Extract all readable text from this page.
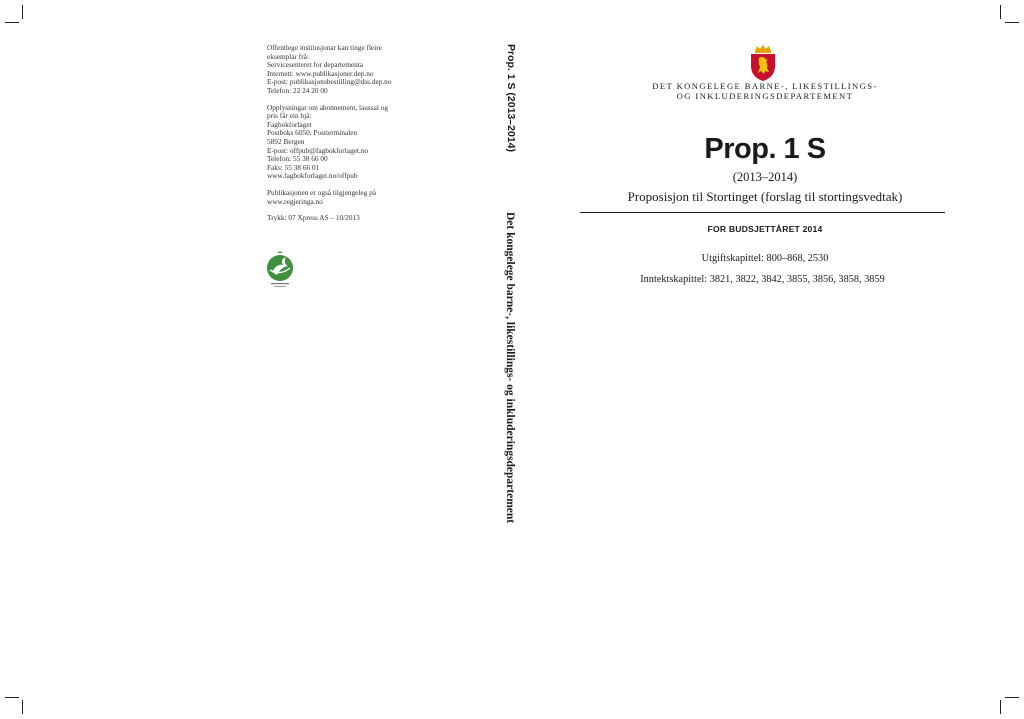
Offentlege institusjonar kan tinge fleire
eksemplar frå:
Servicesenteret for departementa
Internett: www.publikasjoner.dep.no
E-post: publikasjonsbestilling@dss.dep.no
Telefon: 22 24 20 00
Opplysningar om abonnement, laussal og
pris får ein hjå:
Fagbokforlaget
Postboks 6050, Postterminalen
5892 Bergen
E-post: offpub@fagbokforlaget.no
Telefon: 55 38 66 00
Faks: 55 38 66 01
www.fagbokforlaget.no/offpub
Publikasjonen er også tilgjengeleg på
www.regjeringa.no
Trykk: 07 Xpress AS – 10/2013
Prop. 1 S (2013–2014)
Det kongelege barne-, likestillings- og inkluderingsdepartement
DET KONGELEGE BARNE-, LIKESTILLINGS-
OG INKLUDERINGSDEPARTEMENT
Prop. 1 S
(2013–2014)
Proposisjon til Stortinget (forslag til stortingsvedtak)
FOR BUDSJETTÅRET 2014
Utgiftskapittel: 800–868, 2530
Inntektskapittel: 3821, 3822, 3842, 3855, 3856, 3858, 3859
